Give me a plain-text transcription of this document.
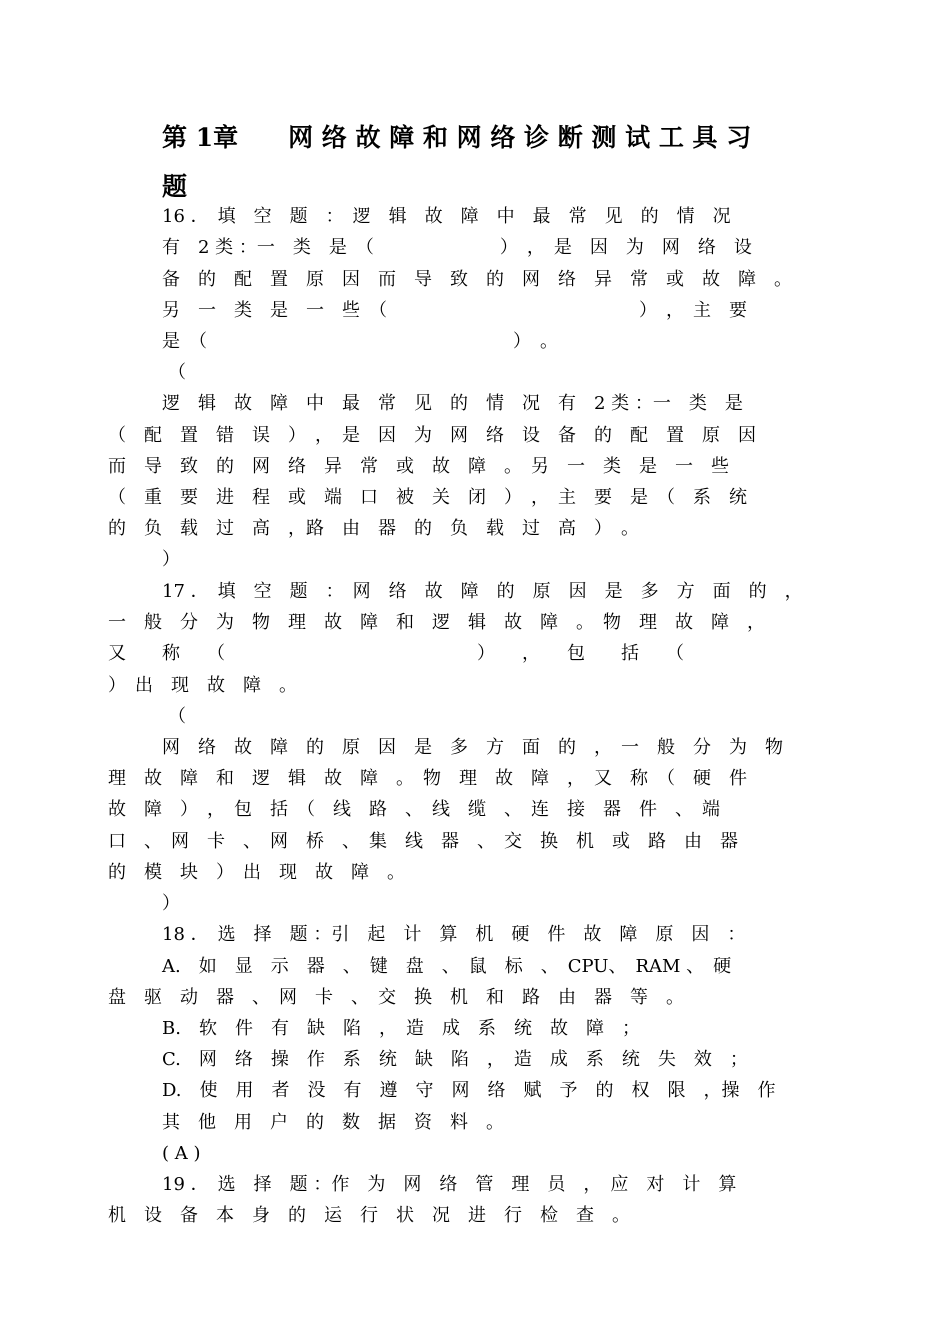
第 1章　　网 络 故 障 和 网 络 诊 断 测 试 工 具 习
题
16 ．　填　空　题　：　逻　辑　故　障　中　最　常　见　的　情　况
有　2 类 ：一　类　是　（　　　　　　　）　，　是　因　为　网　络　设
备　的　配　置　原　因　而　导　致　的　网　络　异　常　或　故　障　。
另　一　类　是　一　些　（　　　　　　　　　　　　　　）　，　主　要
是　（　　　　　　　　　　　　　　　　　）　。
（
逻　辑　故　障　中　最　常　见　的　情　况　有　2 类 ：一　类　是
（　配　置　错　误　）　，　是　因　为　网　络　设　备　的　配　置　原　因
而　导　致　的　网　络　异　常　或　故　障　。　另　一　类　是　一　些
（　重　要　进　程　或　端　口　被　关　闭　）　，　主　要　是　（　系　统
的　负　载　过　高　，路　由　器　的　负　载　过　高　）　。
）
17 ．　填　空　题　：　网　络　故　障　的　原　因　是　多　方　面　的　，
一　般　分　为　物　理　故　障　和　逻　辑　故　障　。　物　理　故　障　，
又　　称　　（　　　　　　　　　　　　　　）　　，　　包　　括　　（
）　出　现　故　障　。
（
网　络　故　障　的　原　因　是　多　方　面　的　，　一　般　分　为　物
理　故　障　和　逻　辑　故　障　。　物　理　故　障　，　又　称　（　硬　件
故　障　）　，　包　括　（　线　路　、　线　缆　、　连　接　器　件　、　端
口　、　网　卡　、　网　桥　、　集　线　器　、　交　换　机　或　路　由　器
的　模　块　）　出　现　故　障　。
）
18 ．　选　择　题 ：引　起　计　算　机　硬　件　故　障　原　因　：
A.　如　显　示　器　、　键　盘　、　鼠　标　、　CPU、　RAM 、　硬
盘　驱　动　器　、　网　卡　、　交　换　机　和　路　由　器　等　。
B.　软　件　有　缺　陷　，　造　成　系　统　故　障　；
C.　网　络　操　作　系　统　缺　陷　，　造　成　系　统　失　效　；
D.　使　用　者　没　有　遵　守　网　络　赋　予　的　权　限　，操　作
其　他　用　户　的　数　据　资　料　。
( A )
19 ．　选　择　题 ：作　为　网　络　管　理　员　，　应　对　计　算
机　设　备　本　身　的　运　行　状　况　进　行　检　查　。
